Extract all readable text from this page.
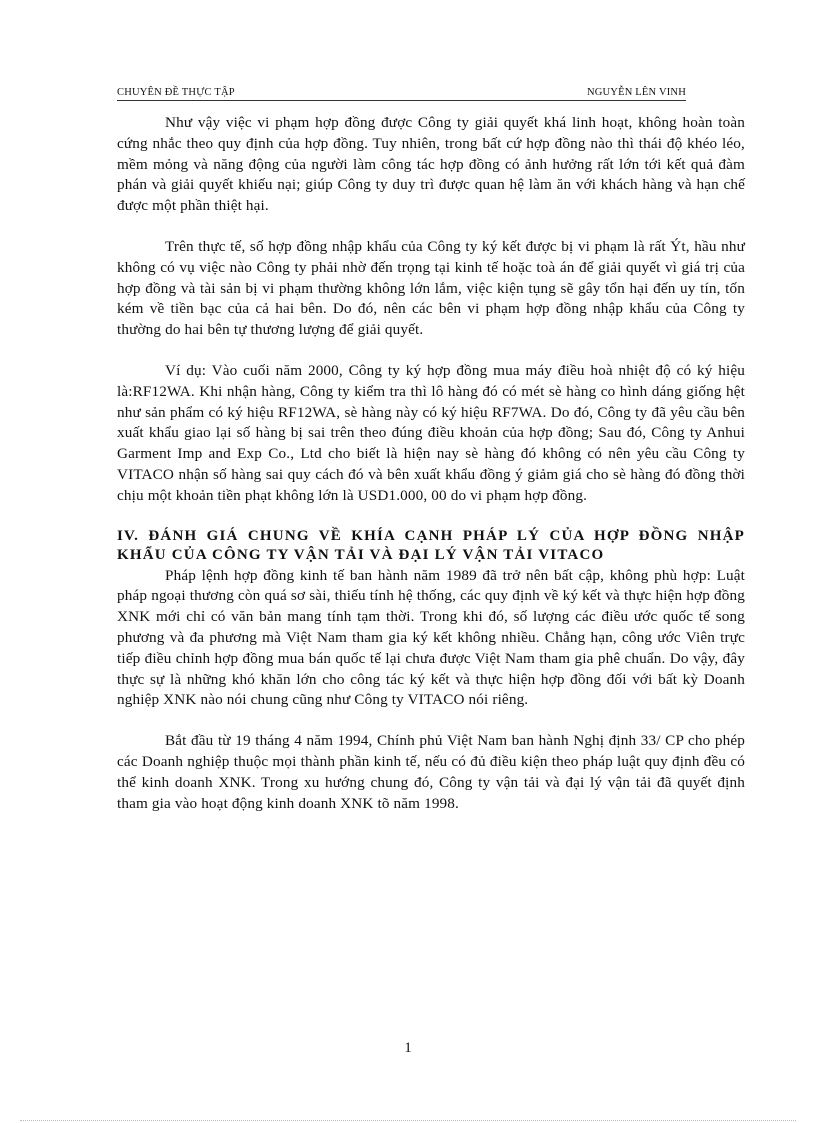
CHUYÊN ĐỀ THỰC TẬP	NGUYỄN LÊN VINH

Như vậy việc vi phạm hợp đồng được Công ty giải quyết khá linh hoạt, không hoàn toàn cứng nhắc theo quy định của hợp đồng. Tuy nhiên, trong bất cứ hợp đồng nào thì thái độ khéo léo, mềm mỏng và năng động của người làm công tác hợp đồng có ảnh hưởng rất lớn tới kết quả đàm phán và giải quyết khiếu nại; giúp Công ty duy trì được quan hệ làm ăn với khách hàng và hạn chế được một phần thiệt hại.

Trên thực tế, số hợp đồng nhập khẩu của Công ty ký kết được bị vi phạm là rất Ýt, hầu như không có vụ việc nào Công ty phải nhờ đến trọng tại kinh tế hoặc toà án để giải quyết vì giá trị của hợp đồng và tài sản bị vi phạm thường không lớn lắm, việc kiện tụng sẽ gây tổn hại đến uy tín, tốn kém về tiền bạc của cả hai bên. Do đó, nên các bên vi phạm hợp đồng nhập khẩu của Công ty thường do hai bên tự thương lượng để giải quyết.

Ví dụ: Vào cuối năm 2000, Công ty ký hợp đồng mua máy điều hoà nhiệt độ có ký hiệu là:RF12WA. Khi nhận hàng, Công ty kiểm tra thì lô hàng đó có mét sè hàng co hình dáng giống hệt như sản phẩm có ký hiệu RF12WA, sè hàng này có ký hiệu RF7WA. Do đó, Công ty đã yêu cầu bên xuất khẩu giao lại số hàng bị sai trên theo đúng điều khoản của hợp đồng; Sau đó, Công ty Anhui Garment Imp and Exp Co., Ltd cho biết là hiện nay sè hàng đó không có nên yêu cầu Công ty VITACO nhận số hàng sai quy cách đó và bên xuất khẩu đồng ý giảm giá cho sè hàng đó đồng thời chịu một khoản tiền phạt không lớn là USD1.000, 00 do vi phạm hợp đồng.

IV. ĐÁNH GIÁ CHUNG VỀ KHÍA CẠNH PHÁP LÝ CỦA HỢP ĐỒNG NHẬP KHẨU CỦA CÔNG TY VẬN TẢI VÀ ĐẠI LÝ VẬN TẢI VITACO

Pháp lệnh hợp đồng kinh tế ban hành năm 1989 đã trở nên bất cập, không phù hợp: Luật pháp ngoại thương còn quá sơ sài, thiếu tính hệ thống, các quy định về ký kết và thực hiện hợp đồng XNK mới chỉ có văn bản mang tính tạm thời. Trong khi đó, số lượng các điều ước quốc tế song phương và đa phương mà Việt Nam tham gia ký kết không nhiều. Chẳng hạn, công ước Viên trực tiếp điều chỉnh hợp đồng mua bán quốc tế lại chưa được Việt Nam tham gia phê chuẩn. Do vậy, đây thực sự là những khó khăn lớn cho công tác ký kết và thực hiện hợp đồng đối với bất kỳ Doanh nghiệp XNK nào nói chung cũng như Công ty VITACO nói riêng.

Bắt đầu từ 19 tháng 4 năm 1994, Chính phủ Việt Nam ban hành Nghị định 33/ CP cho phép các Doanh nghiệp thuộc mọi thành phần kinh tế, nếu có đủ điều kiện theo pháp luật quy định đều có thể kinh doanh XNK. Trong xu hướng chung đó, Công ty vận tải và đại lý vận tải đã quyết định tham gia vào hoạt động kinh doanh XNK tõ năm 1998.

1
